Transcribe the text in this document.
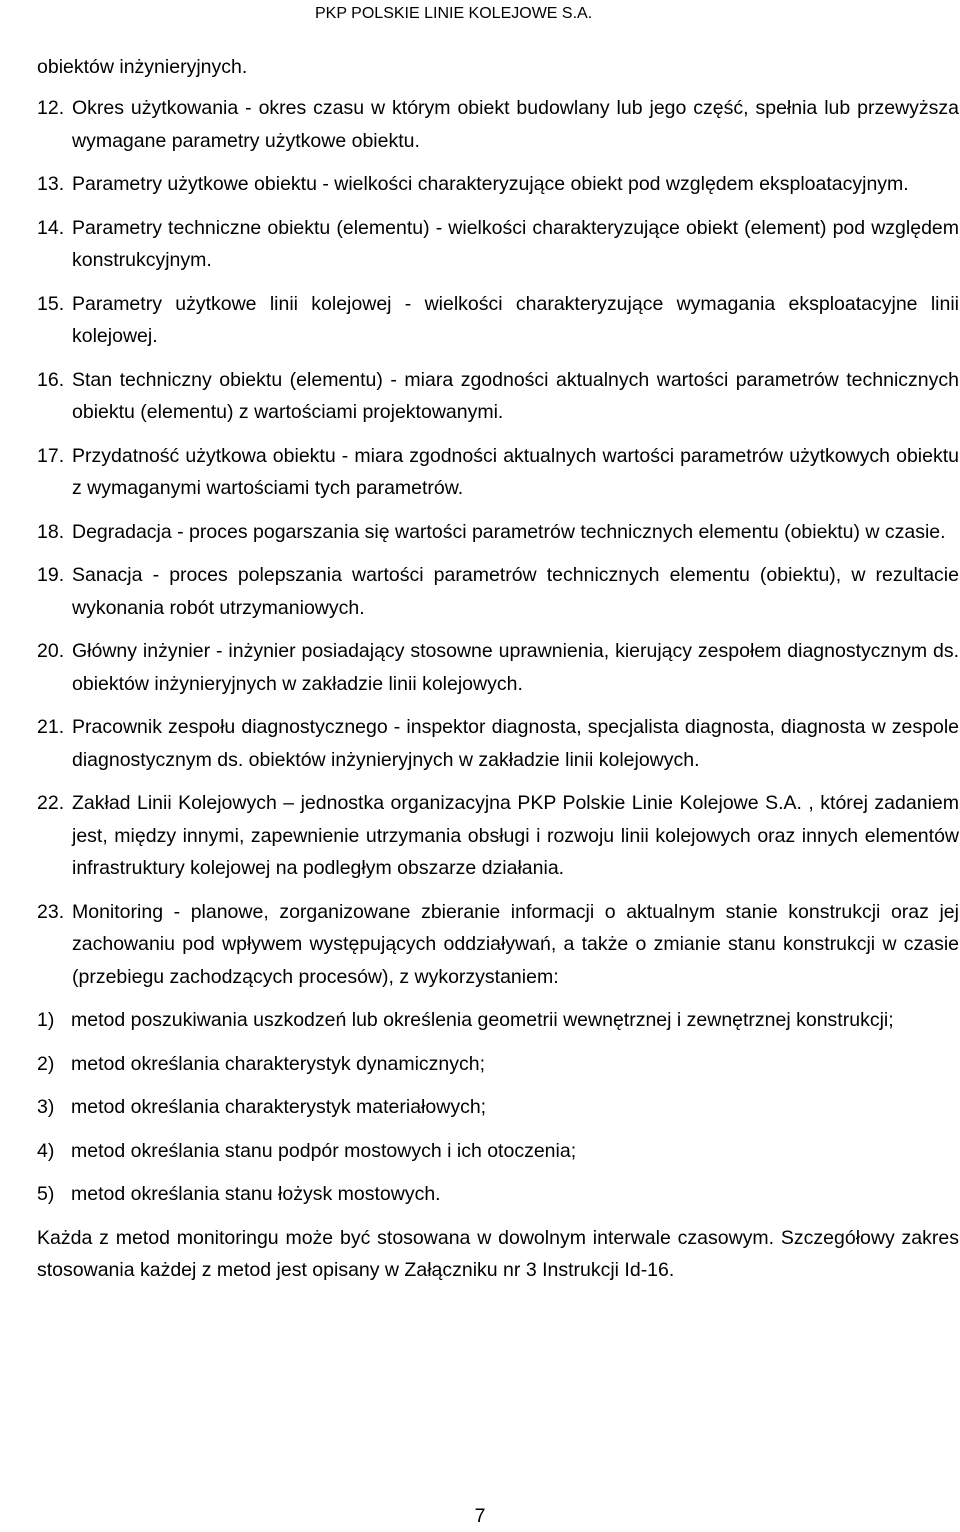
PKP POLSKIE LINIE KOLEJOWE S.A.
obiektów inżynieryjnych.
12. Okres użytkowania - okres czasu w którym obiekt budowlany lub jego część, spełnia lub przewyższa wymagane parametry użytkowe obiektu.
13. Parametry użytkowe obiektu - wielkości charakteryzujące obiekt pod względem eksploatacyjnym.
14. Parametry techniczne obiektu (elementu) - wielkości charakteryzujące obiekt (element) pod względem konstrukcyjnym.
15. Parametry użytkowe linii kolejowej - wielkości charakteryzujące wymagania eksploatacyjne linii kolejowej.
16. Stan techniczny obiektu (elementu) - miara zgodności aktualnych wartości parametrów technicznych obiektu (elementu) z wartościami projektowanymi.
17. Przydatność użytkowa obiektu - miara zgodności aktualnych wartości parametrów użytkowych obiektu z wymaganymi wartościami tych parametrów.
18. Degradacja - proces pogarszania się wartości parametrów technicznych elementu (obiektu) w czasie.
19. Sanacja - proces polepszania wartości parametrów technicznych elementu (obiektu), w rezultacie wykonania robót utrzymaniowych.
20. Główny inżynier - inżynier posiadający stosowne uprawnienia, kierujący zespołem diagnostycznym ds. obiektów inżynieryjnych w zakładzie linii kolejowych.
21. Pracownik zespołu diagnostycznego - inspektor diagnosta, specjalista diagnosta, diagnosta w zespole diagnostycznym ds. obiektów inżynieryjnych w zakładzie linii kolejowych.
22. Zakład Linii Kolejowych – jednostka organizacyjna PKP Polskie Linie Kolejowe S.A. , której zadaniem jest, między innymi, zapewnienie utrzymania obsługi i rozwoju linii kolejowych oraz innych elementów infrastruktury kolejowej na podległym obszarze działania.
23. Monitoring - planowe, zorganizowane zbieranie informacji o aktualnym stanie konstrukcji oraz jej zachowaniu pod wpływem występujących oddziaływań, a także o zmianie stanu konstrukcji w czasie (przebiegu zachodzących procesów), z wykorzystaniem:
1) metod poszukiwania uszkodzeń lub określenia geometrii wewnętrznej i zewnętrznej konstrukcji;
2) metod określania charakterystyk dynamicznych;
3) metod określania charakterystyk materiałowych;
4) metod określania stanu podpór mostowych i ich otoczenia;
5) metod określania stanu łożysk mostowych.
Każda z metod monitoringu może być stosowana w dowolnym interwale czasowym. Szczegółowy zakres stosowania każdej z metod jest opisany w Załączniku nr 3 Instrukcji Id-16.
7
